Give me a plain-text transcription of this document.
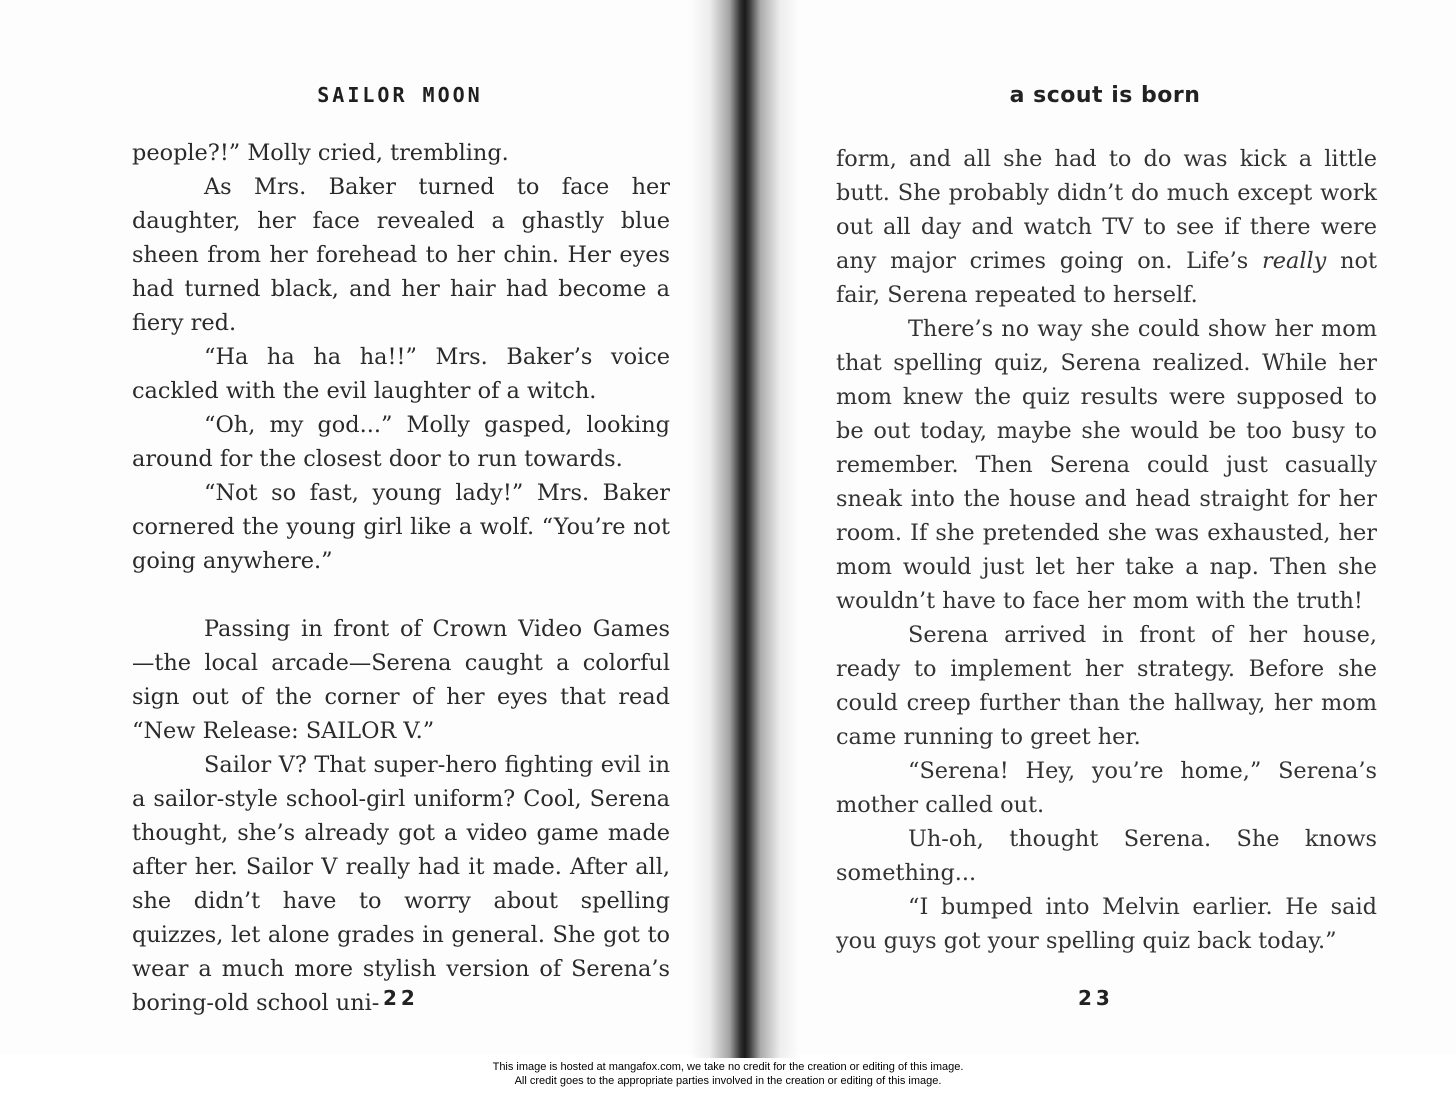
SAILOR MOON

people?!” Molly cried, trembling.

As Mrs. Baker turned to face her daughter, her face revealed a ghastly blue sheen from her forehead to her chin. Her eyes had turned black, and her hair had become a fiery red.

“Ha ha ha ha!!” Mrs. Baker’s voice cackled with the evil laughter of a witch.

“Oh, my god...” Molly gasped, looking around for the closest door to run towards.

“Not so fast, young lady!” Mrs. Baker cornered the young girl like a wolf. “You’re not going anywhere.”

Passing in front of Crown Video Games—the local arcade—Serena caught a colorful sign out of the corner of her eyes that read “New Release: SAILOR V.”

Sailor V? That super-hero fighting evil in a sailor-style school-girl uniform? Cool, Serena thought, she’s already got a video game made after her. Sailor V really had it made. After all, she didn’t have to worry about spelling quizzes, let alone grades in general. She got to wear a much more stylish version of Serena’s boring-old school uni- 22
a scout is born

form, and all she had to do was kick a little butt. She probably didn’t do much except work out all day and watch TV to see if there were any major crimes going on. Life’s really not fair, Serena repeated to herself.

There’s no way she could show her mom that spelling quiz, Serena realized. While her mom knew the quiz results were supposed to be out today, maybe she would be too busy to remember. Then Serena could just casually sneak into the house and head straight for her room. If she pretended she was exhausted, her mom would just let her take a nap. Then she wouldn’t have to face her mom with the truth!

Serena arrived in front of her house, ready to implement her strategy. Before she could creep further than the hallway, her mom came running to greet her.

“Serena! Hey, you’re home,” Serena’s mother called out.

Uh-oh, thought Serena. She knows something...

“I bumped into Melvin earlier. He said you guys got your spelling quiz back today.”

23
This image is hosted at mangafox.com, we take no credit for the creation or editing of this image.
All credit goes to the appropriate parties involved in the creation or editing of this image.
